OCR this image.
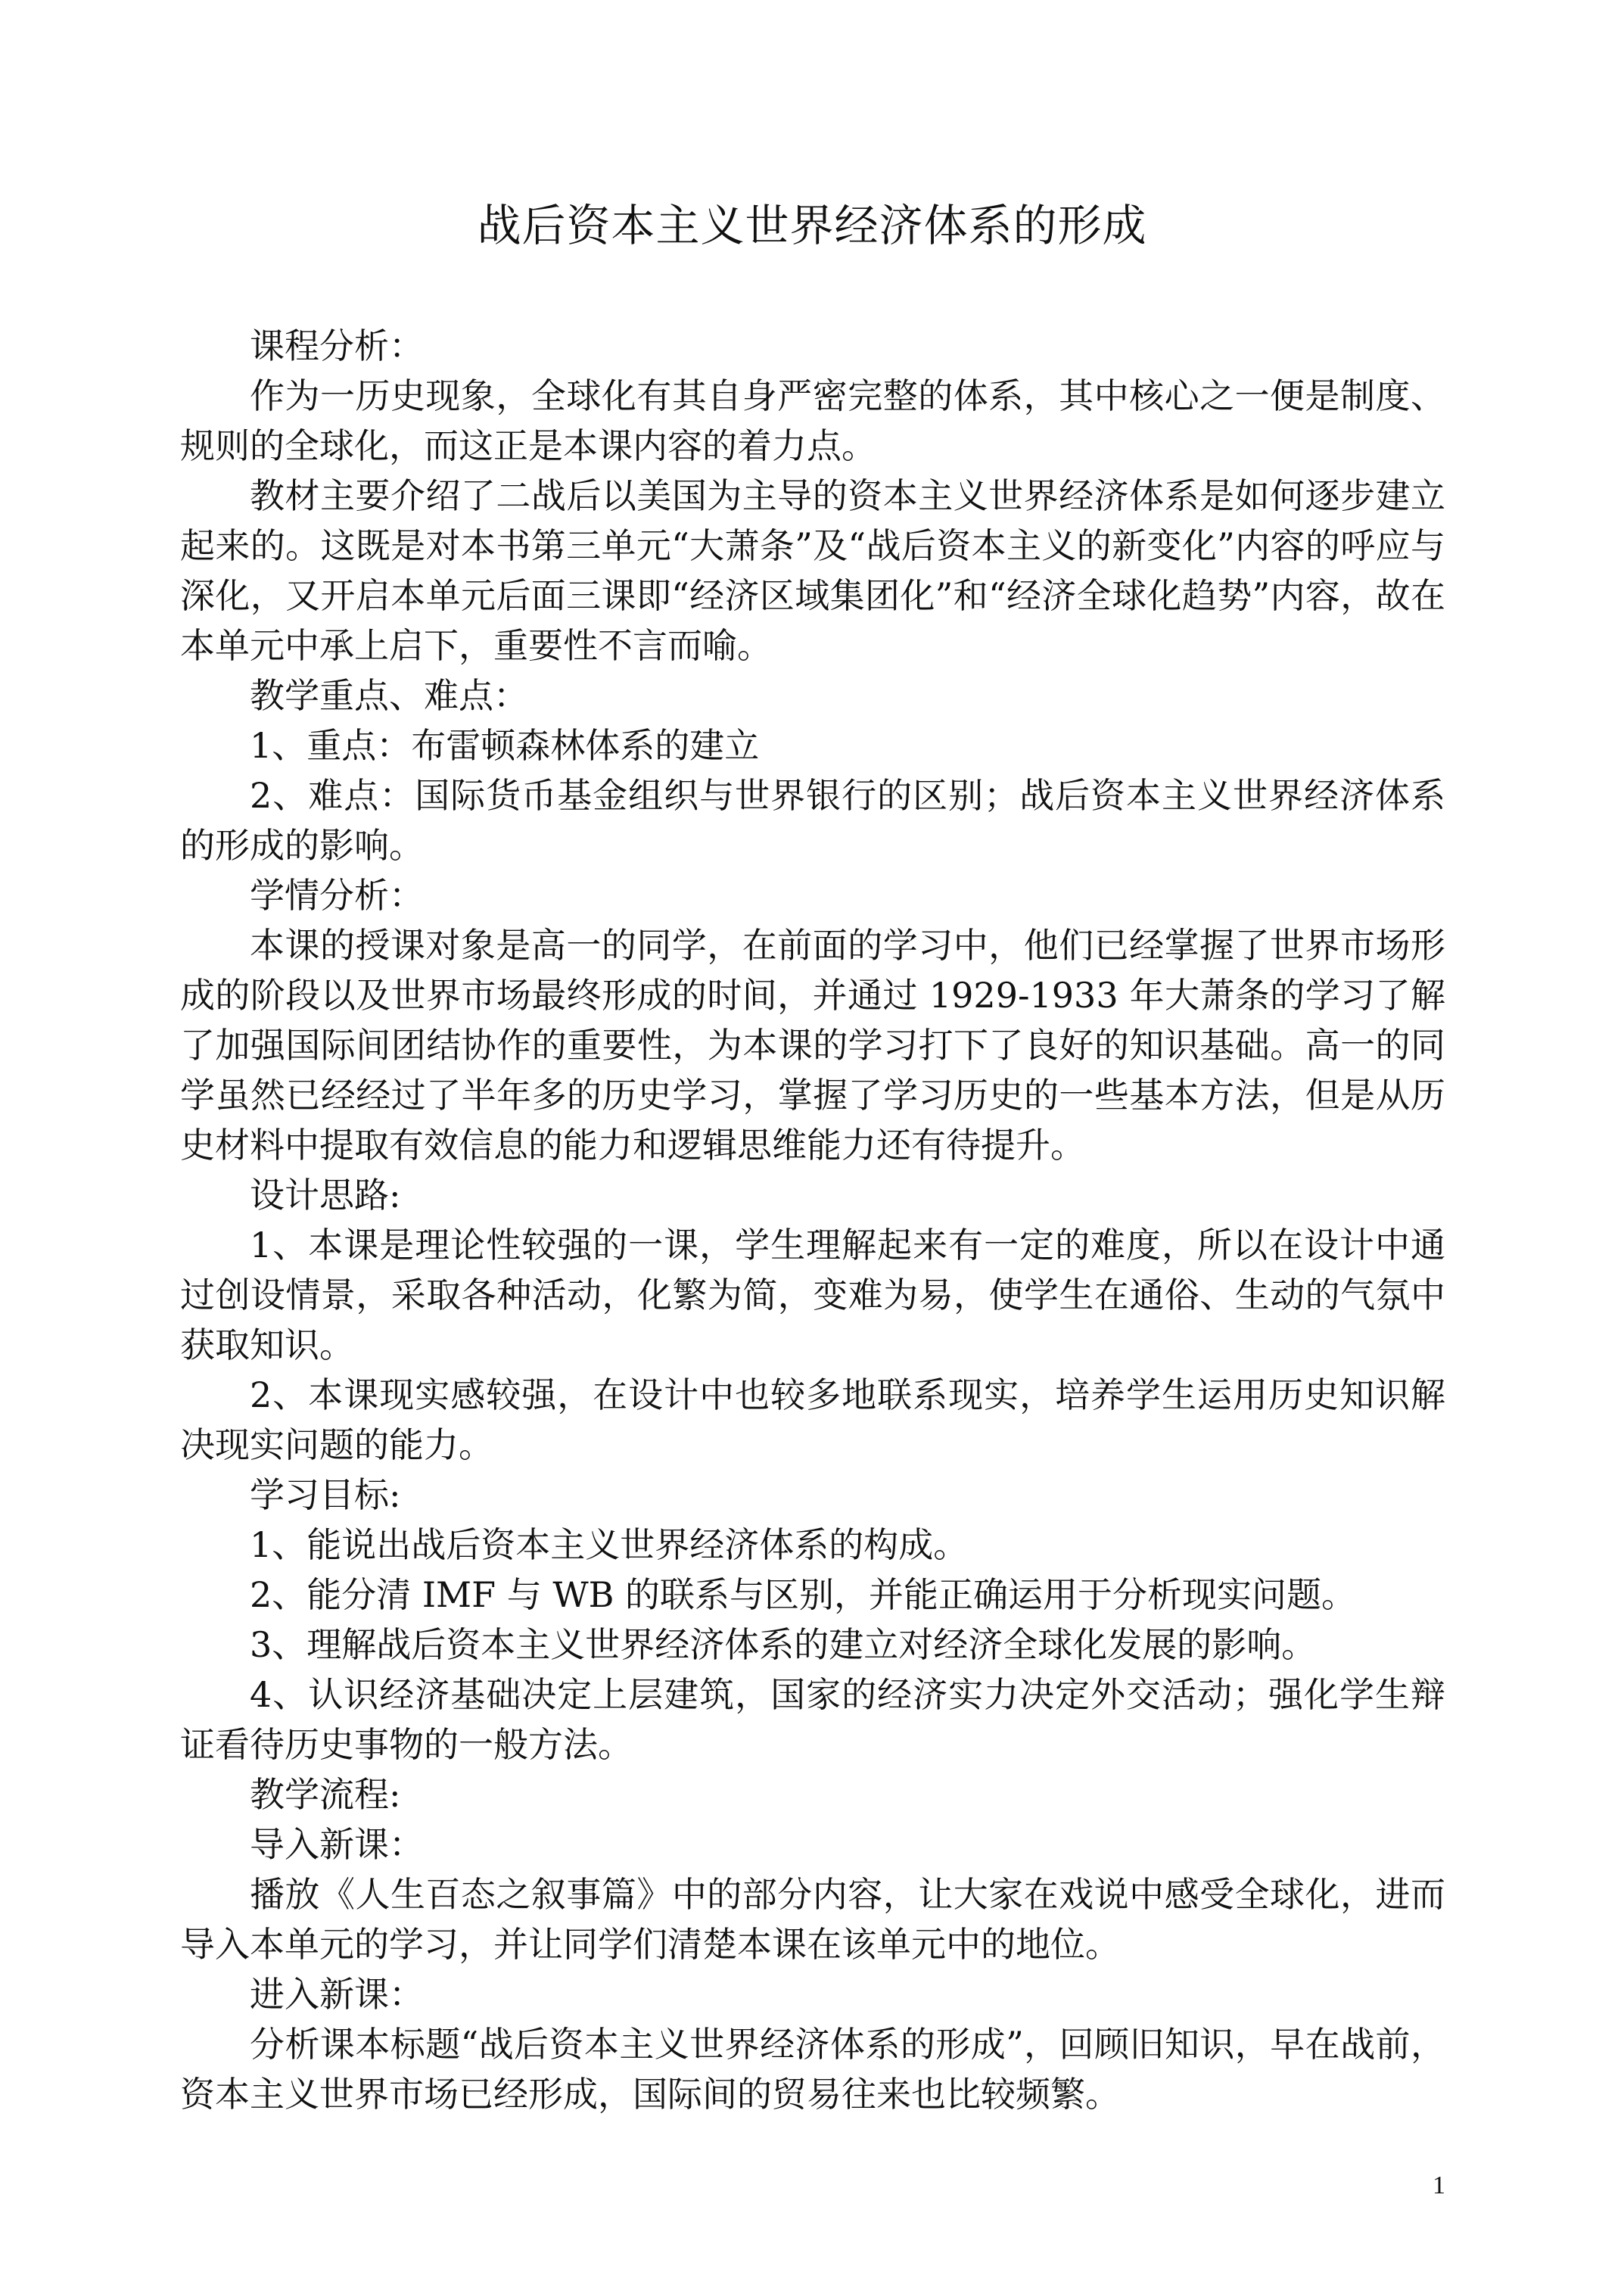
战后资本主义世界经济体系的形成

课程分析：

作为一历史现象，全球化有其自身严密完整的体系，其中核心之一便是制度、规则的全球化，而这正是本课内容的着力点。

教材主要介绍了二战后以美国为主导的资本主义世界经济体系是如何逐步建立起来的。这既是对本书第三单元“大萧条”及“战后资本主义的新变化”内容的呼应与深化，又开启本单元后面三课即“经济区域集团化”和“经济全球化趋势”内容，故在本单元中承上启下，重要性不言而喻。

教学重点、难点：

1、重点：布雷顿森林体系的建立

2、难点：国际货币基金组织与世界银行的区别；战后资本主义世界经济体系的形成的影响。

学情分析：

本课的授课对象是高一的同学，在前面的学习中，他们已经掌握了世界市场形成的阶段以及世界市场最终形成的时间，并通过 1929-1933 年大萧条的学习了解了加强国际间团结协作的重要性，为本课的学习打下了良好的知识基础。高一的同学虽然已经经过了半年多的历史学习，掌握了学习历史的一些基本方法，但是从历史材料中提取有效信息的能力和逻辑思维能力还有待提升。

设计思路:

1、本课是理论性较强的一课，学生理解起来有一定的难度，所以在设计中通过创设情景，采取各种活动，化繁为简，变难为易，使学生在通俗、生动的气氛中获取知识。

2、本课现实感较强，在设计中也较多地联系现实，培养学生运用历史知识解决现实问题的能力。

学习目标:

1、能说出战后资本主义世界经济体系的构成。

2、能分清 IMF 与 WB 的联系与区别，并能正确运用于分析现实问题。

3、理解战后资本主义世界经济体系的建立对经济全球化发展的影响。

4、认识经济基础决定上层建筑，国家的经济实力决定外交活动；强化学生辩证看待历史事物的一般方法。

教学流程:

导入新课：

播放《人生百态之叙事篇》中的部分内容，让大家在戏说中感受全球化，进而导入本单元的学习，并让同学们清楚本课在该单元中的地位。

进入新课：

分析课本标题“战后资本主义世界经济体系的形成”，回顾旧知识，早在战前，资本主义世界市场已经形成，国际间的贸易往来也比较频繁。

1
